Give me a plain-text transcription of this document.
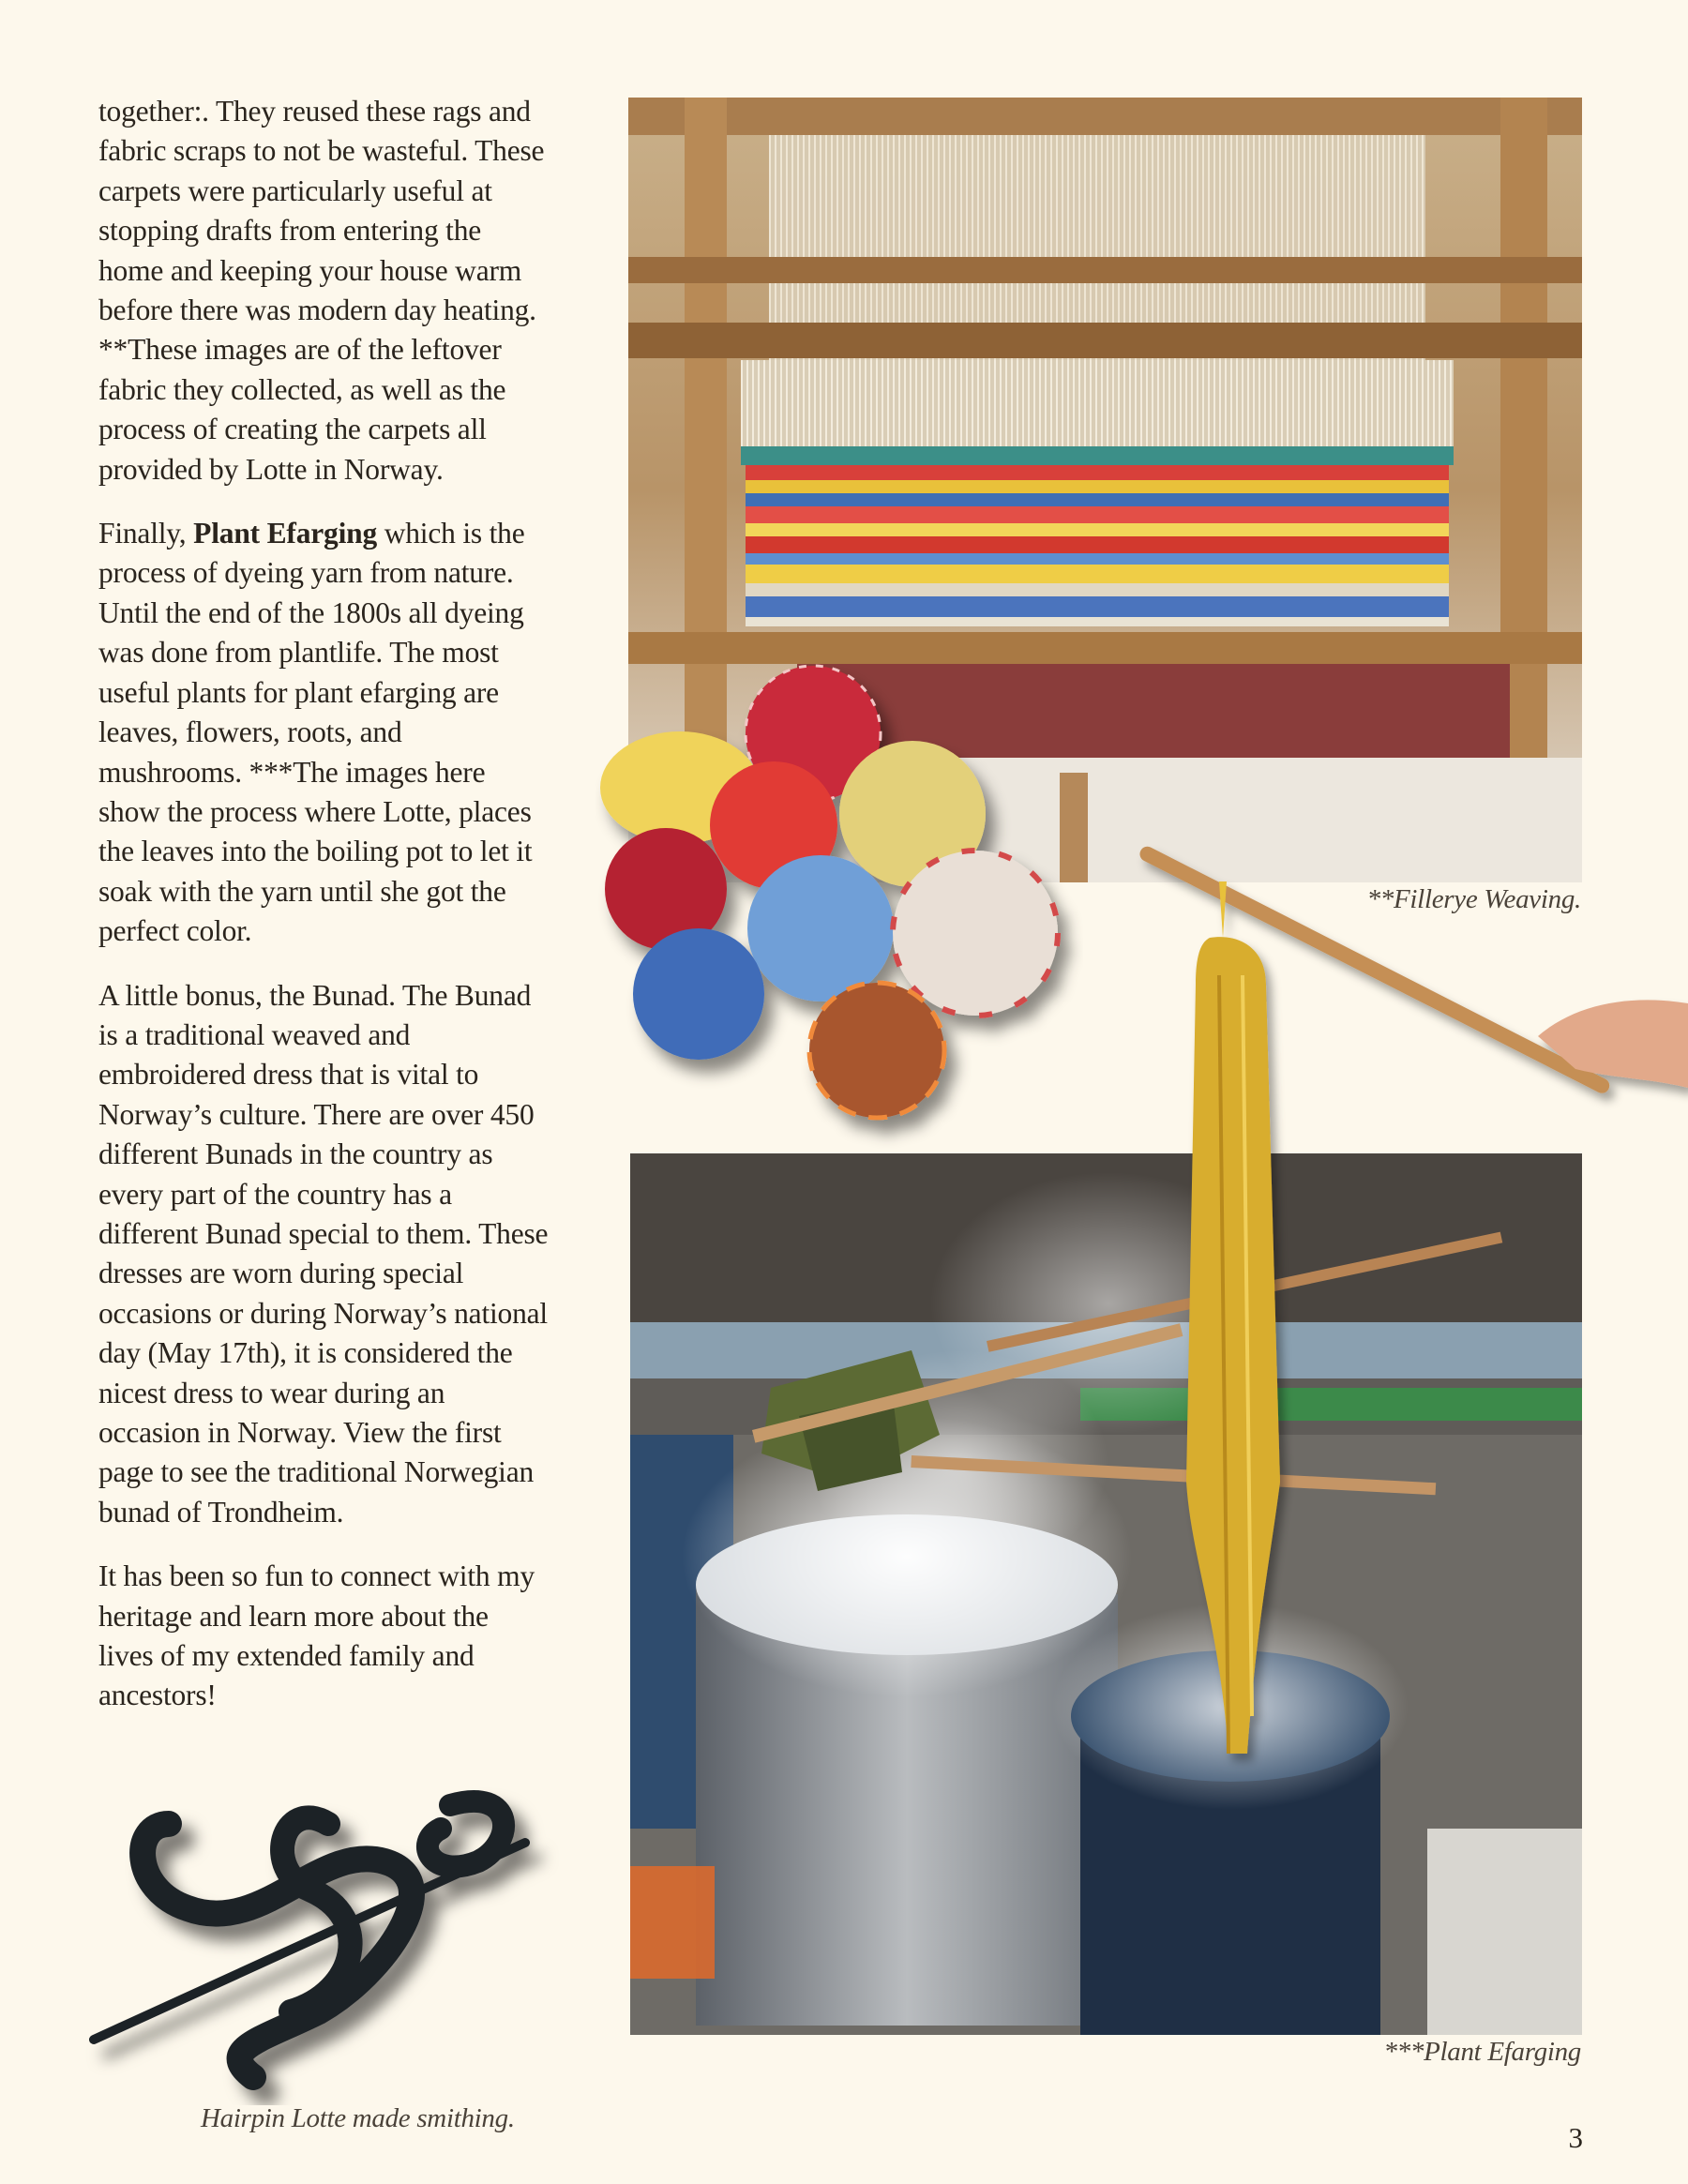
together:. They reused these rags and fabric scraps to not be wasteful. These carpets were particularly useful at stopping drafts from entering the home and keeping your house warm before there was modern day heating. **These images are of the leftover fabric they collected, as well as the process of creating the carpets all provided by Lotte in Norway.

Finally, Plant Efarging which is the process of dyeing yarn from nature. Until the end of the 1800s all dyeing was done from plantlife. The most useful plants for plant efarging are leaves, flowers, roots, and mushrooms. ***The images here show the process where Lotte, places the leaves into the boiling pot to let it soak with the yarn until she got the perfect color.

A little bonus, the Bunad. The Bunad is a traditional weaved and embroidered dress that is vital to Norway’s culture. There are over 450 different Bunads in the country as every part of the country has a different Bunad special to them. These dresses are worn during special occasions or during Norway’s national day (May 17th), it is considered the nicest dress to wear during an occasion in Norway. View the first page to see the traditional Norwegian bunad of Trondheim.

It has been so fun to connect with my heritage and learn more about the lives of my extended family and ancestors!

**Fillerye Weaving.
***Plant Efarging
Hairpin Lotte made smithing.
3
